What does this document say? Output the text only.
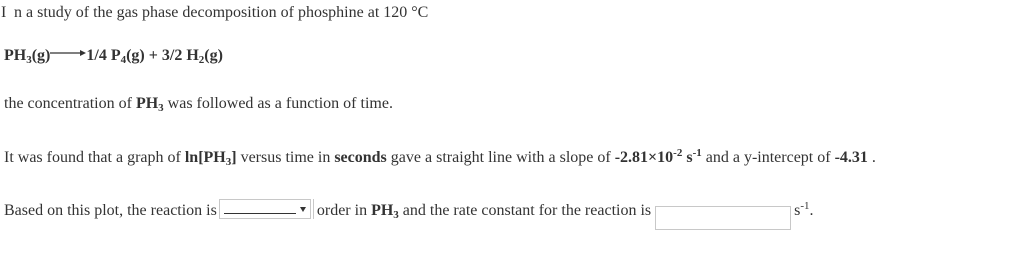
I n a study of the gas phase decomposition of phosphine at 120 °C
$PH_3(g)\to 1/4$ $P_4(g) + 3/2$ $H_2(g)$
the concentration of $PH_3$ was followed as a function of time.
It was found that a graph of $\ln[PH_3]$ versus time in seconds gave a straight line with a slope of $-2.81\times 10^{-2}$ $s^{-1}$ and a y-intercept of -4.31 .
Based on this plot, the reaction is	order in $PH_3$ and the rate constant for the reaction is	$s^{-1}$.
